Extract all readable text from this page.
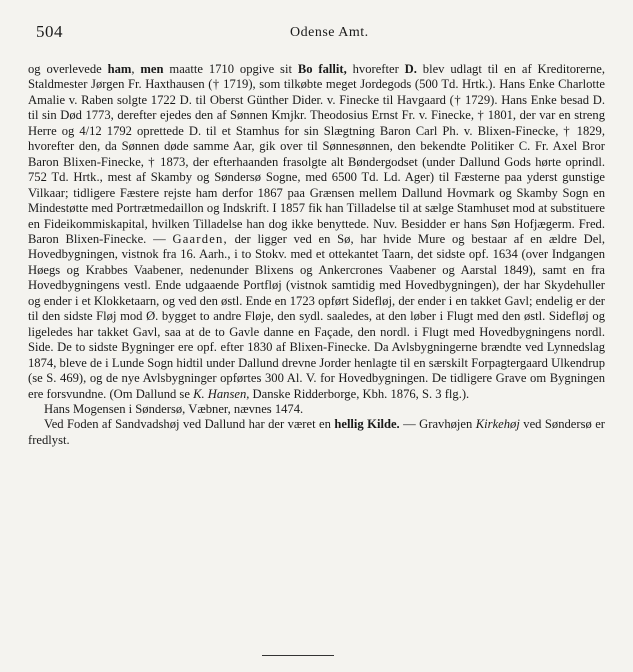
504	Odense Amt.

og overlevede ham, men maatte 1710 opgive sit Bo fallit, hvorefter D. blev udlagt til en af Kreditorerne, Staldmester Jørgen Fr. Haxthausen († 1719), som tilkøbte meget Jordegods (500 Td. Hrtk.). Hans Enke Charlotte Amalie v. Raben solgte 1722 D. til Oberst Günther Dider. v. Finecke til Havgaard († 1729). Hans Enke besad D. til sin Død 1773, derefter ejedes den af Sønnen Kmjkr. Theodosius Ernst Fr. v. Finecke, † 1801, der var en streng Herre og 4/12 1792 oprettede D. til et Stamhus for sin Slægtning Baron Carl Ph. v. Blixen-Finecke, † 1829, hvorefter den, da Sønnen døde samme Aar, gik over til Sønnesønnen, den bekendte Politiker C. Fr. Axel Bror Baron Blixen-Finecke, † 1873, der efterhaanden frasolgte alt Bøndergodset (under Dallund Gods hørte oprindl. 752 Td. Hrtk., mest af Skamby og Søndersø Sogne, med 6500 Td. Ld. Ager) til Fæsterne paa yderst gunstige Vilkaar; tidligere Fæstere rejste ham derfor 1867 paa Grænsen mellem Dallund Hovmark og Skamby Sogn en Mindestøtte med Portrætmedaillon og Indskrift. I 1857 fik han Tilladelse til at sælge Stamhuset mod at substituere en Fideikommiskapital, hvilken Tilladelse han dog ikke benyttede. Nuv. Besidder er hans Søn Hofjægerm. Fred. Baron Blixen-Finecke. — Gaarden, der ligger ved en Sø, har hvide Mure og bestaar af en ældre Del, Hovedbygningen, vistnok fra 16. Aarh., i to Stokv. med et ottekantet Taarn, det sidste opf. 1634 (over Indgangen Høegs og Krabbes Vaabener, nedenunder Blixens og Ankercrones Vaabener og Aarstal 1849), samt en fra Hovedbygningens vestl. Ende udgaaende Portfløj (vistnok samtidig med Hovedbygningen), der har Skydehuller og ender i et Klokketaarn, og ved den østl. Ende en 1723 opført Sidefløj, der ender i en takket Gavl; endelig er der til den sidste Fløj mod Ø. bygget to andre Fløje, den sydl. saaledes, at den løber i Flugt med den østl. Sidefløj og ligeledes har takket Gavl, saa at de to Gavle danne en Façade, den nordl. i Flugt med Hovedbygningens nordl. Side. De to sidste Bygninger ere opf. efter 1830 af Blixen-Finecke. Da Avlsbygningerne brændte ved Lynnedslag 1874, bleve de i Lunde Sogn hidtil under Dallund drevne Jorder henlagte til en særskilt Forpagtergaard Ulkendrup (se S. 469), og de nye Avlsbygninger opførtes 300 Al. V. for Hovedbygningen. De tidligere Grave om Bygningen ere forsvundne. (Om Dallund se K. Hansen, Danske Ridderborge, Kbh. 1876, S. 3 flg.).

Hans Mogensen i Søndersø, Væbner, nævnes 1474.

Ved Foden af Sandvadshøj ved Dallund har der været en hellig Kilde. — Gravhøjen Kirkehøj ved Søndersø er fredlyst.
